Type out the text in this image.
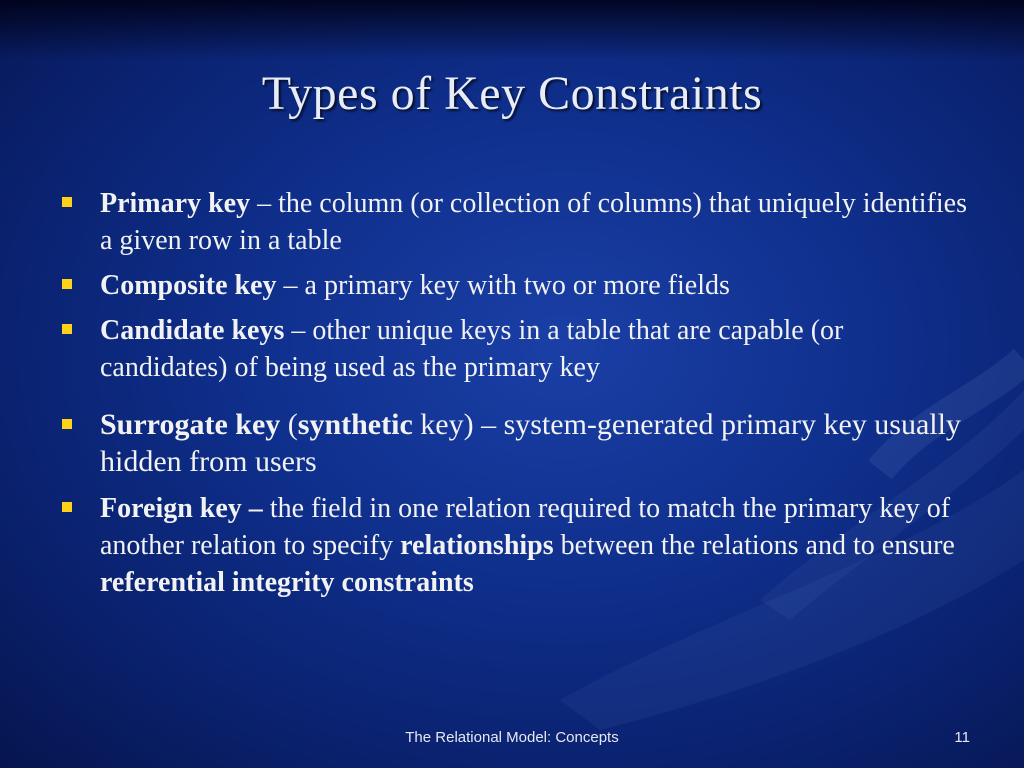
Types of Key Constraints
Primary key – the column (or collection of columns) that uniquely identifies a given row in a table
Composite key – a primary key with two or more fields
Candidate keys – other unique keys in a table that are capable (or candidates) of being used as the primary key
Surrogate key (synthetic key) – system-generated primary key usually hidden from users
Foreign key – the field in one relation required to match the primary key of another relation to specify relationships between the relations and to ensure referential integrity constraints
The Relational Model: Concepts	11
